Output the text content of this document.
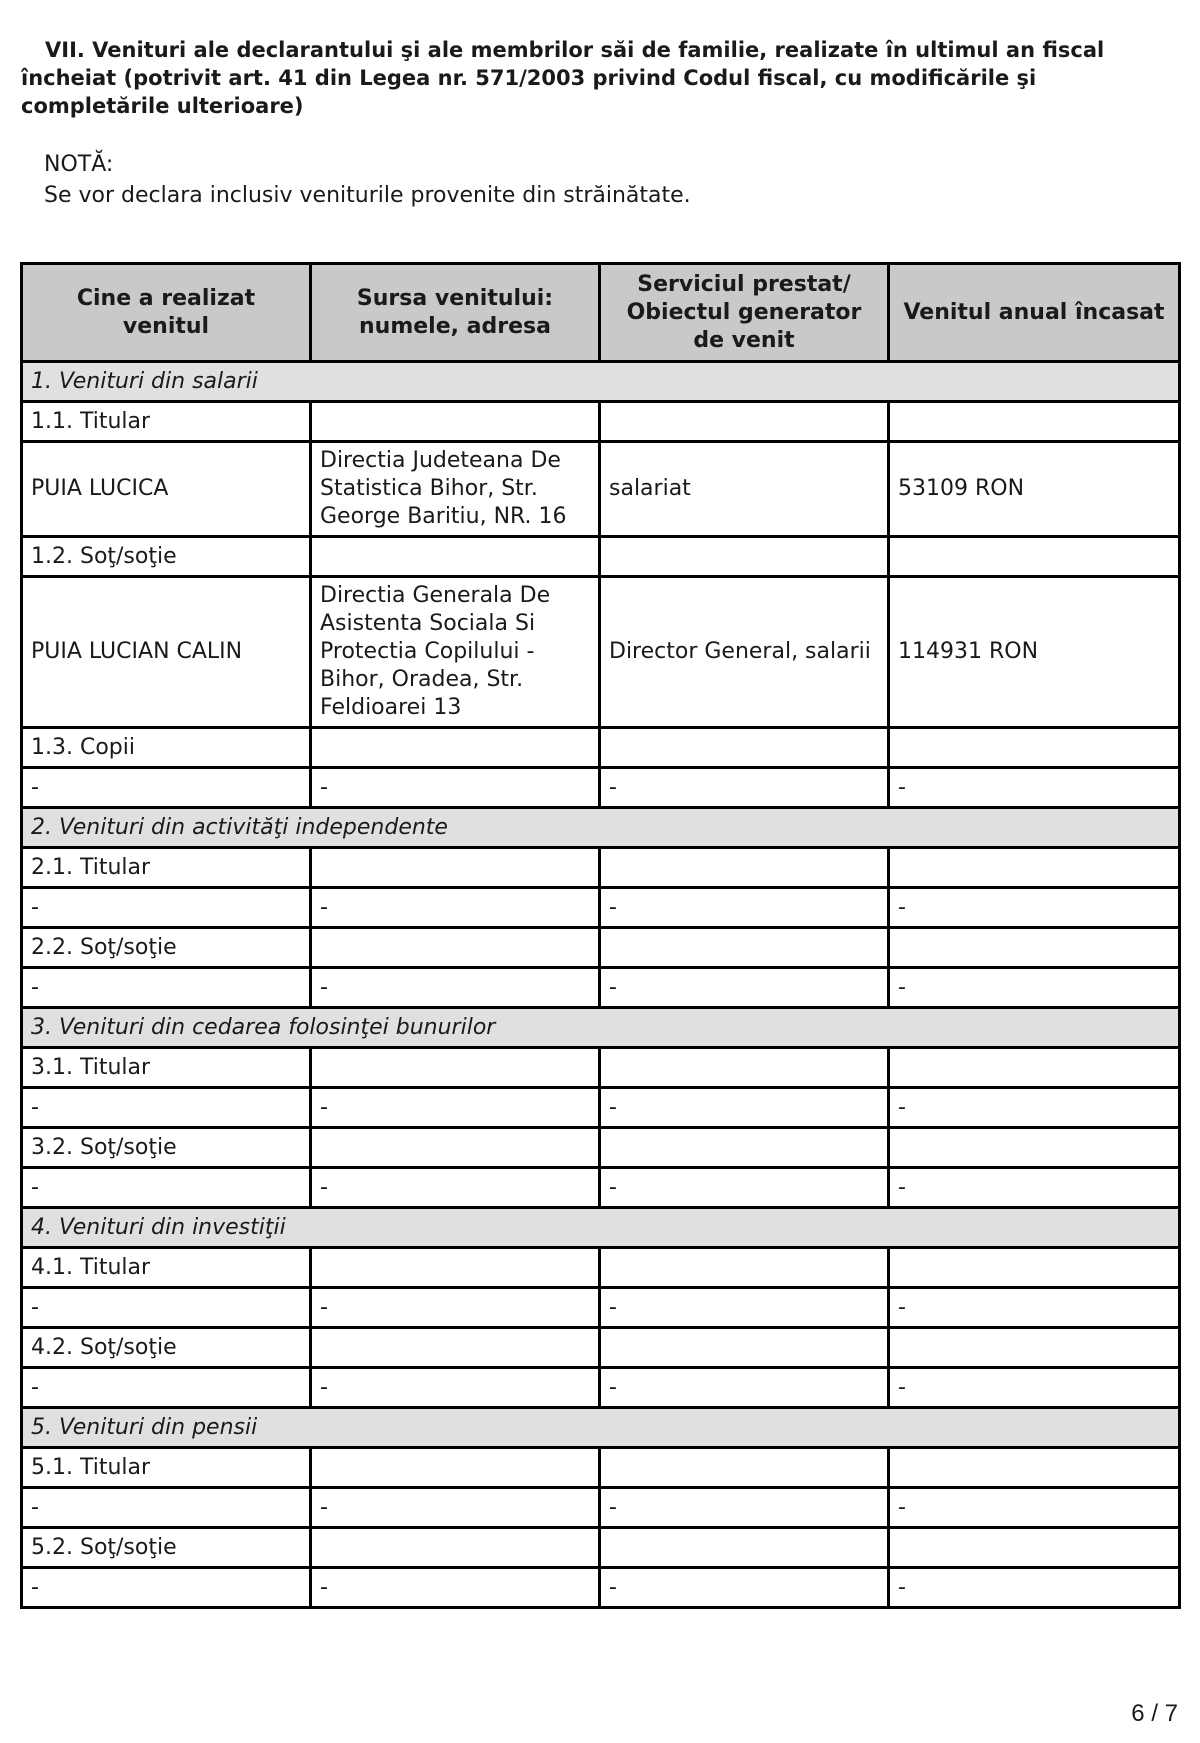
VII. Venituri ale declarantului şi ale membrilor săi de familie, realizate în ultimul an fiscal încheiat (potrivit art. 41 din Legea nr. 571/2003 privind Codul fiscal, cu modificările şi completările ulterioare)

NOTĂ:
Se vor declara inclusiv veniturile provenite din străinătate.
Cine a realizat venitul	Sursa venitului: numele, adresa	Serviciul prestat/ Obiectul generator de venit	Venitul anual încasat
1. Venituri din salarii			
1.1. Titular			
PUIA LUCICA	Directia Judeteana De Statistica Bihor, Str. George Baritiu, NR. 16	salariat	53109 RON
1.2. Soţ/soţie			
PUIA LUCIAN CALIN	Directia Generala De Asistenta Sociala Si Protectia Copilului - Bihor, Oradea, Str. Feldioarei 13	Director General, salarii	114931 RON
1.3. Copii			
-	-	-	-
2. Venituri din activităţi independente			
2.1. Titular			
-	-	-	-
2.2. Soţ/soţie			
-	-	-	-
3. Venituri din cedarea folosinţei bunurilor			
3.1. Titular			
-	-	-	-
3.2. Soţ/soţie			
-	-	-	-
4. Venituri din investiţii			
4.1. Titular			
-	-	-	-
4.2. Soţ/soţie			
-	-	-	-
5. Venituri din pensii			
5.1. Titular			
-	-	-	-
5.2. Soţ/soţie			
-	-	-	-
6 / 7
